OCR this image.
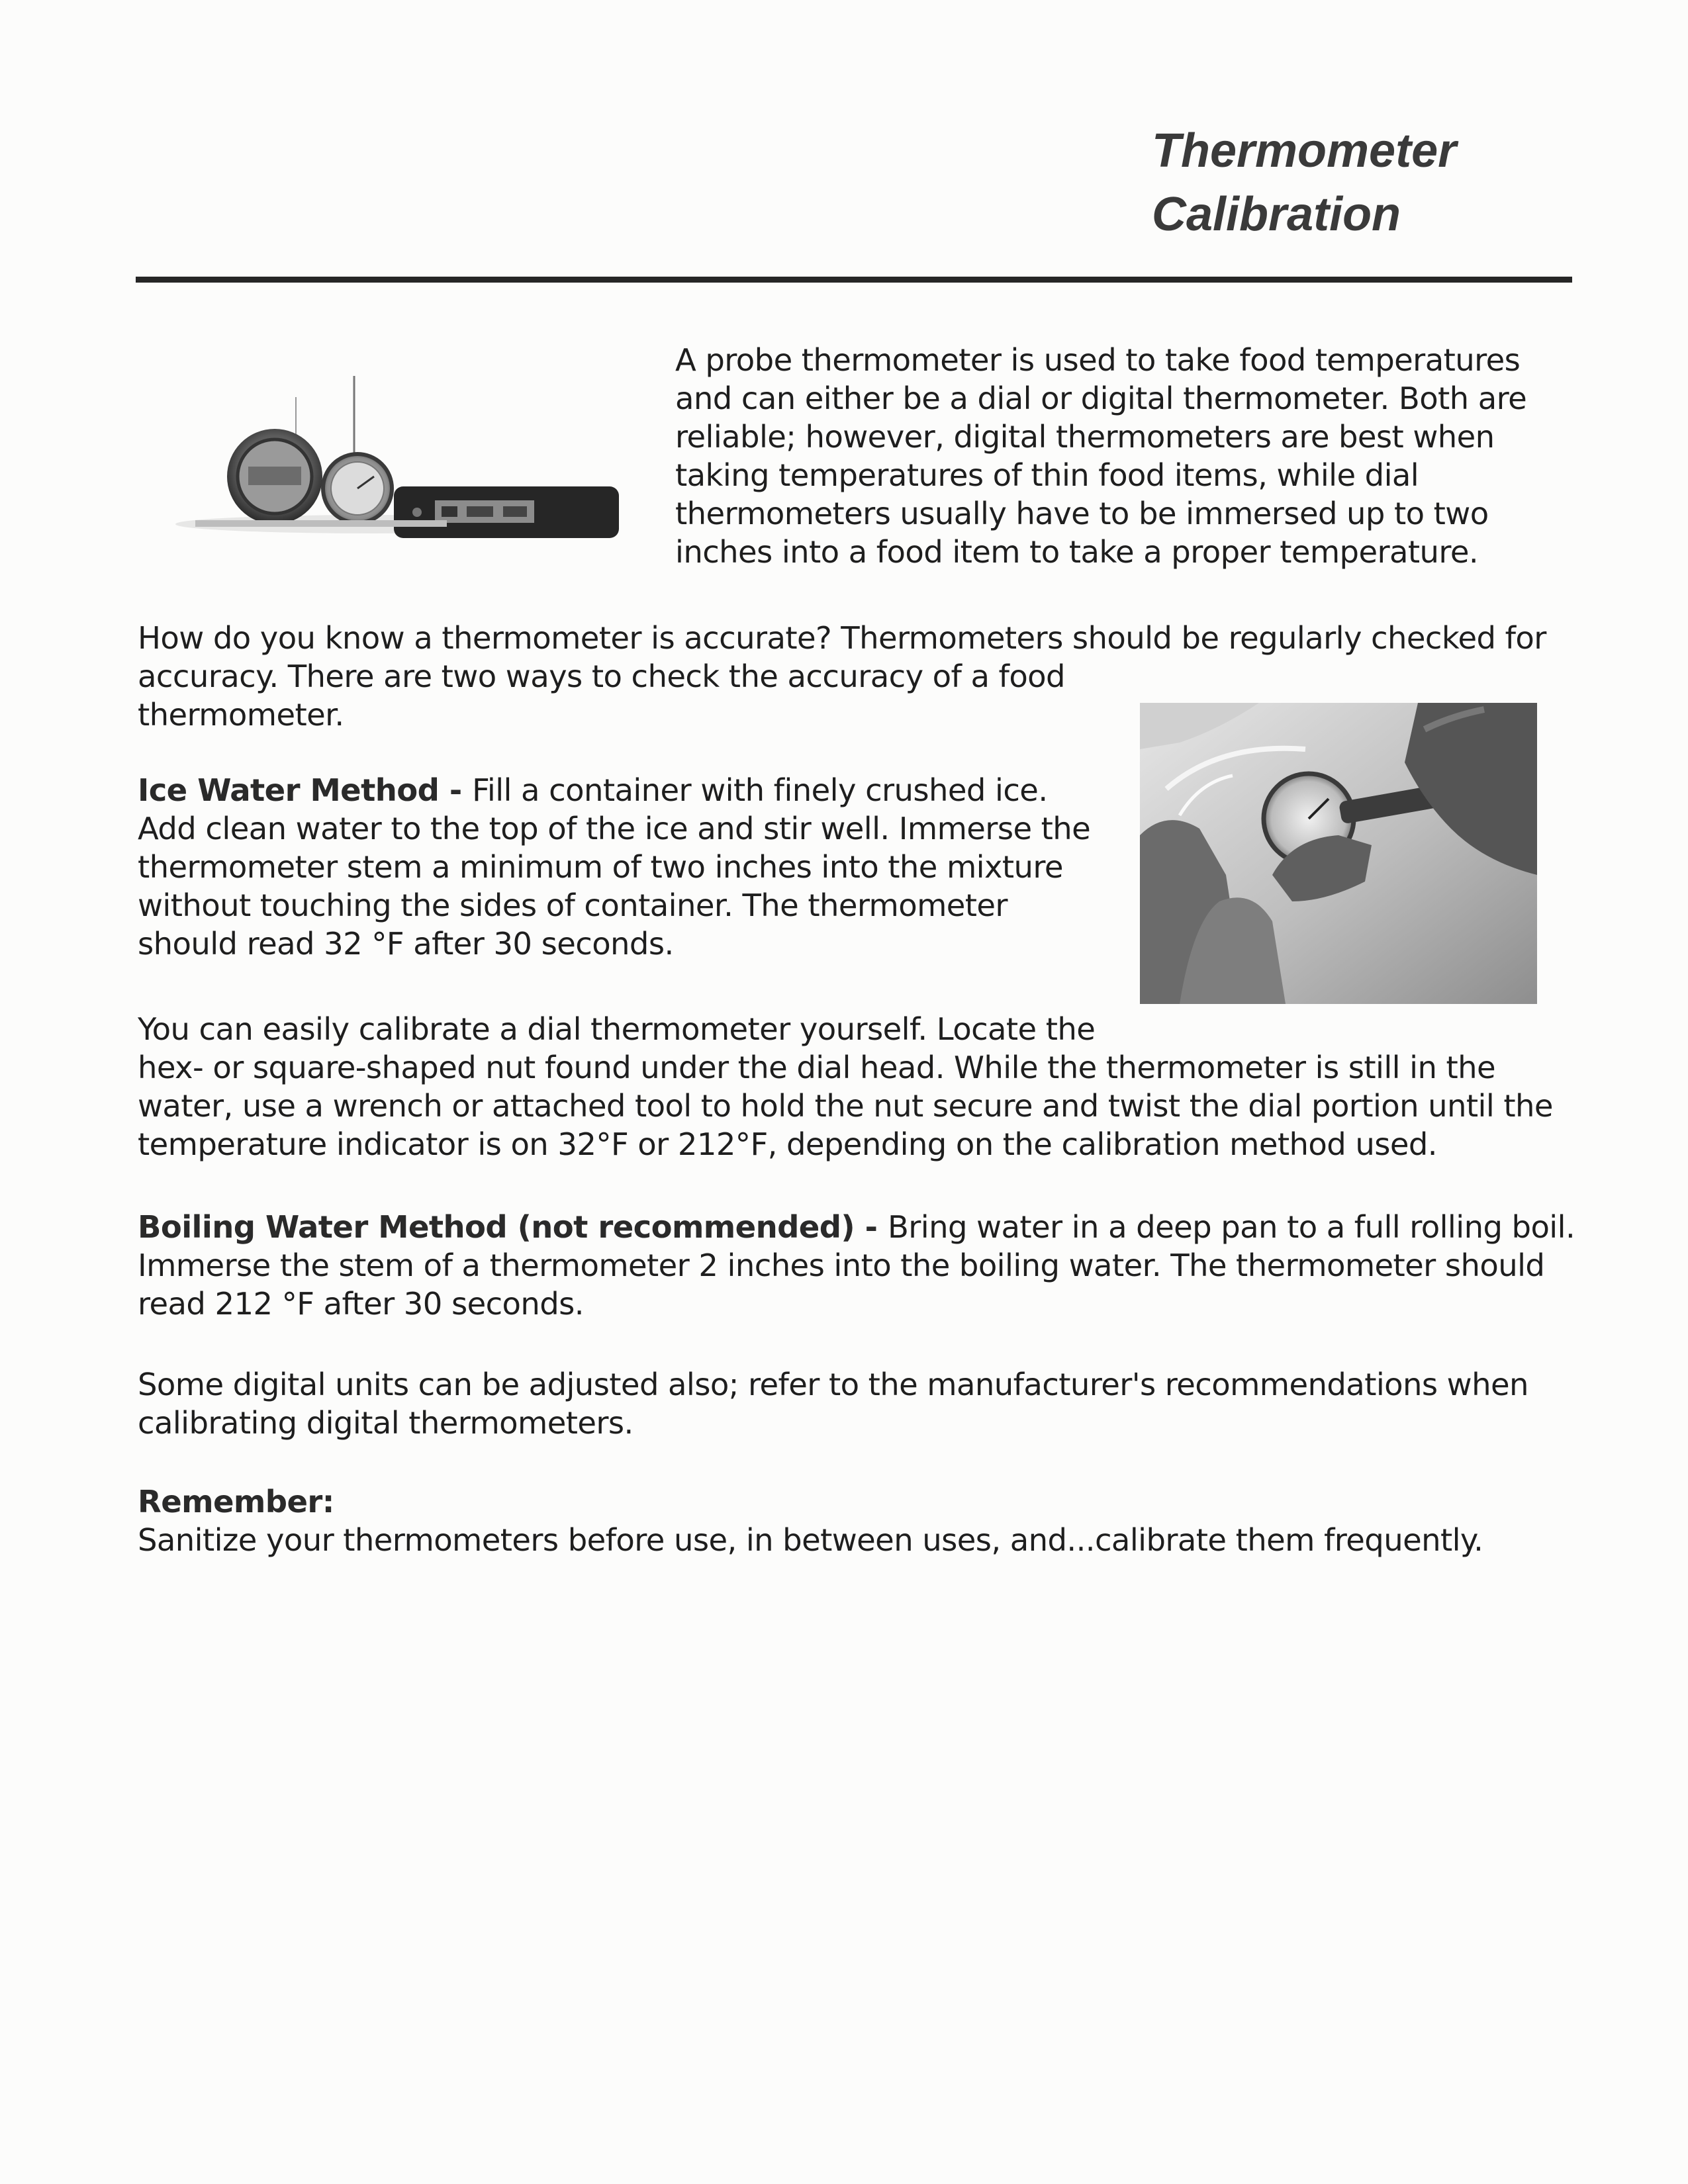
Thermometer
Calibration

A probe thermometer is used to take food temperatures
and can either be a dial or digital thermometer. Both are
reliable; however, digital thermometers are best when
taking temperatures of thin food items, while dial
thermometers usually have to be immersed up to two
inches into a food item to take a proper temperature.

How do you know a thermometer is accurate? Thermometers should be regularly checked for
accuracy. There are two ways to check the accuracy of a food
thermometer.

Ice Water Method - Fill a container with finely crushed ice.
Add clean water to the top of the ice and stir well. Immerse the
thermometer stem a minimum of two inches into the mixture
without touching the sides of container. The thermometer
should read 32 °F after 30 seconds.

You can easily calibrate a dial thermometer yourself. Locate the
hex- or square-shaped nut found under the dial head. While the thermometer is still in the
water, use a wrench or attached tool to hold the nut secure and twist the dial portion until the
temperature indicator is on 32°F or 212°F, depending on the calibration method used.

Boiling Water Method (not recommended) - Bring water in a deep pan to a full rolling boil.
Immerse the stem of a thermometer 2 inches into the boiling water. The thermometer should
read 212 °F after 30 seconds.

Some digital units can be adjusted also; refer to the manufacturer's recommendations when
calibrating digital thermometers.

Remember:
Sanitize your thermometers before use, in between uses, and...calibrate them frequently.
